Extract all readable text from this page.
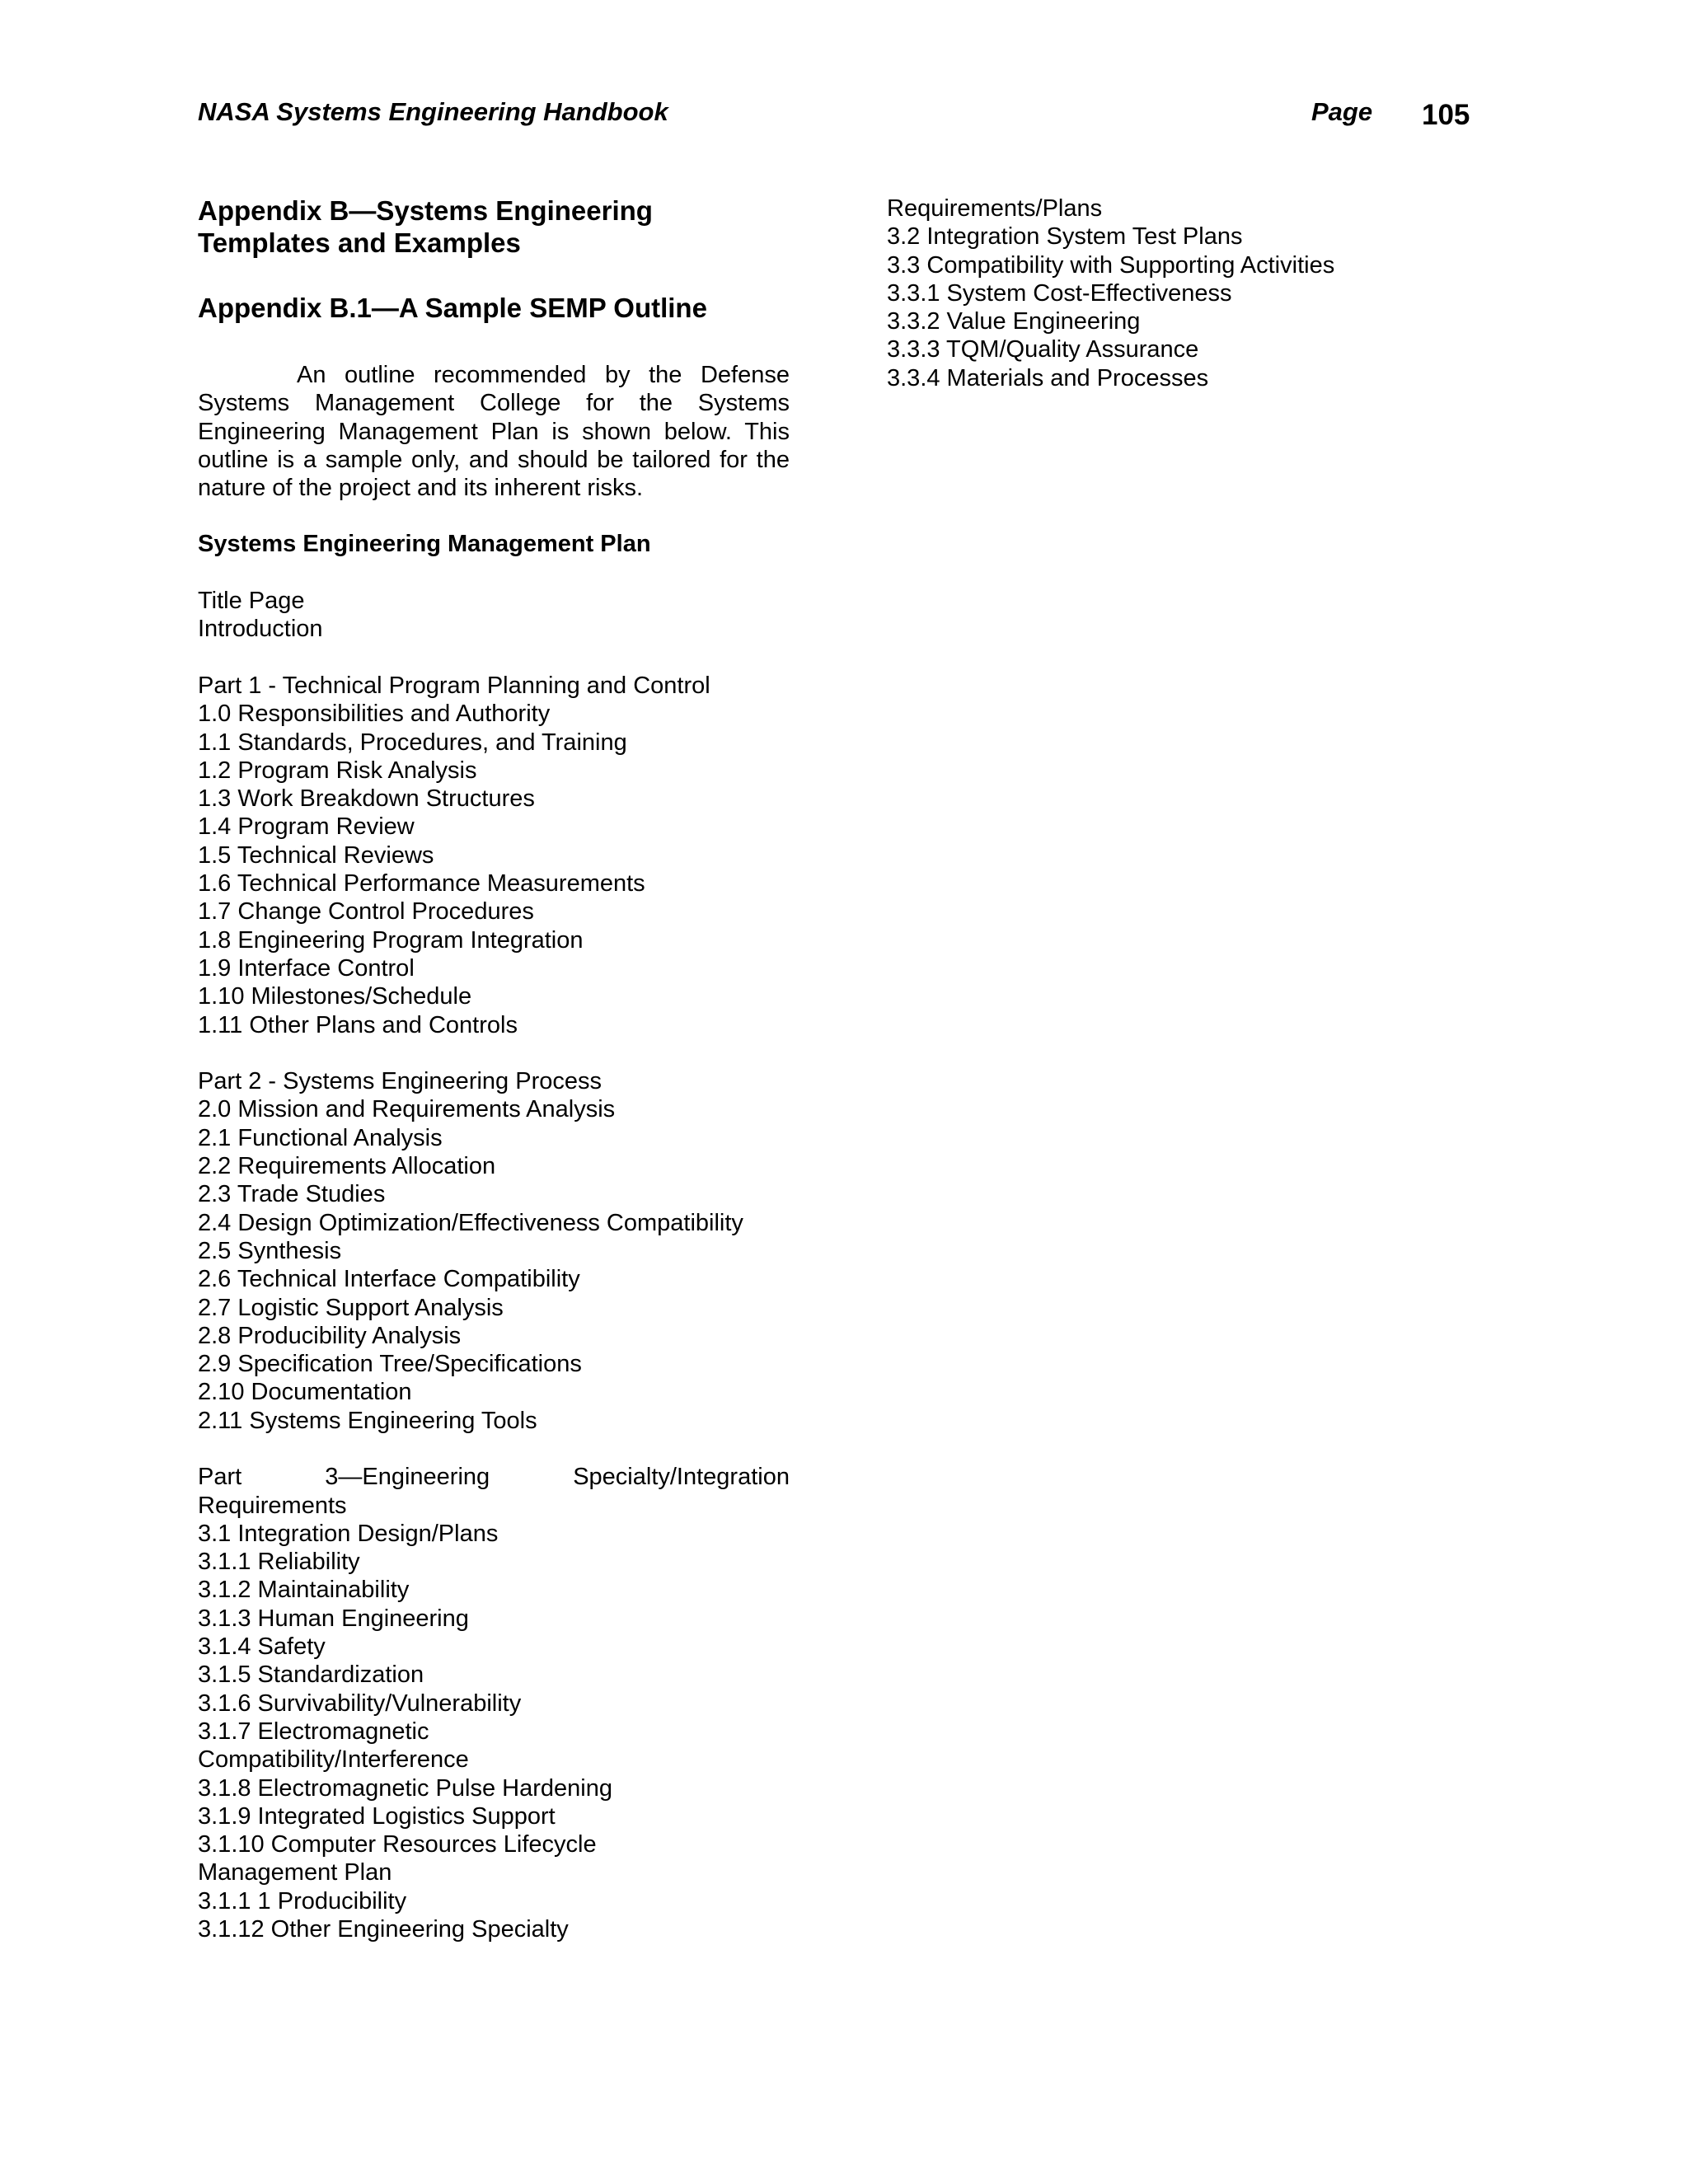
NASA Systems Engineering Handbook	Page 105
Appendix B—Systems Engineering
Templates and Examples
Appendix B.1—A Sample SEMP Outline

An outline recommended by the Defense Systems Management College for the Systems Engineering Management Plan is shown below. This outline is a sample only, and should be tailored for the nature of the project and its inherent risks.

Systems Engineering Management Plan
Title Page
Introduction
Part 1 - Technical Program Planning and Control
1.0 Responsibilities and Authority
1.1 Standards, Procedures, and Training
1.2 Program Risk Analysis
1.3 Work Breakdown Structures
1.4 Program Review
1.5 Technical Reviews
1.6 Technical Performance Measurements
1.7 Change Control Procedures
1.8 Engineering Program Integration
1.9 Interface Control
1.10 Milestones/Schedule
1.11 Other Plans and Controls
Part 2 - Systems Engineering Process
2.0 Mission and Requirements Analysis
2.1 Functional Analysis
2.2 Requirements Allocation
2.3 Trade Studies
2.4 Design Optimization/Effectiveness Compatibility
2.5 Synthesis
2.6 Technical Interface Compatibility
2.7 Logistic Support Analysis
2.8 Producibility Analysis
2.9 Specification Tree/Specifications
2.10 Documentation
2.11 Systems Engineering Tools
Part	3—Engineering	Specialty/Integration
Requirements
3.1 Integration Design/Plans
3.1.1 Reliability
3.1.2 Maintainability
3.1.3 Human Engineering
3.1.4 Safety
3.1.5 Standardization
3.1.6 Survivability/Vulnerability
3.1.7 Electromagnetic
Compatibility/Interference
3.1.8 Electromagnetic Pulse Hardening
3.1.9 Integrated Logistics Support
3.1.10 Computer Resources Lifecycle
Management Plan
3.1.1 1 Producibility
3.1.12 Other Engineering Specialty
Requirements/Plans
3.2 Integration System Test Plans
3.3 Compatibility with Supporting Activities
3.3.1 System Cost-Effectiveness
3.3.2 Value Engineering
3.3.3 TQM/Quality Assurance
3.3.4 Materials and Processes
